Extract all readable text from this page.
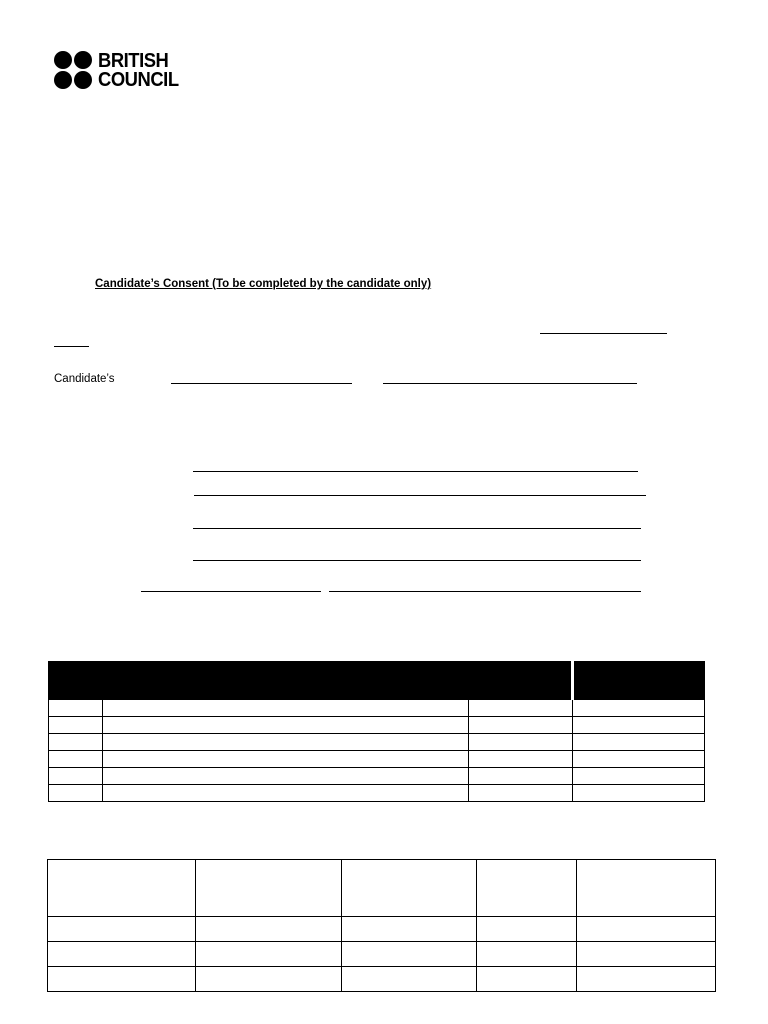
BRITISH
COUNCIL
Candidate’s Consent (To be completed by the candidate only)
Candidate’s
